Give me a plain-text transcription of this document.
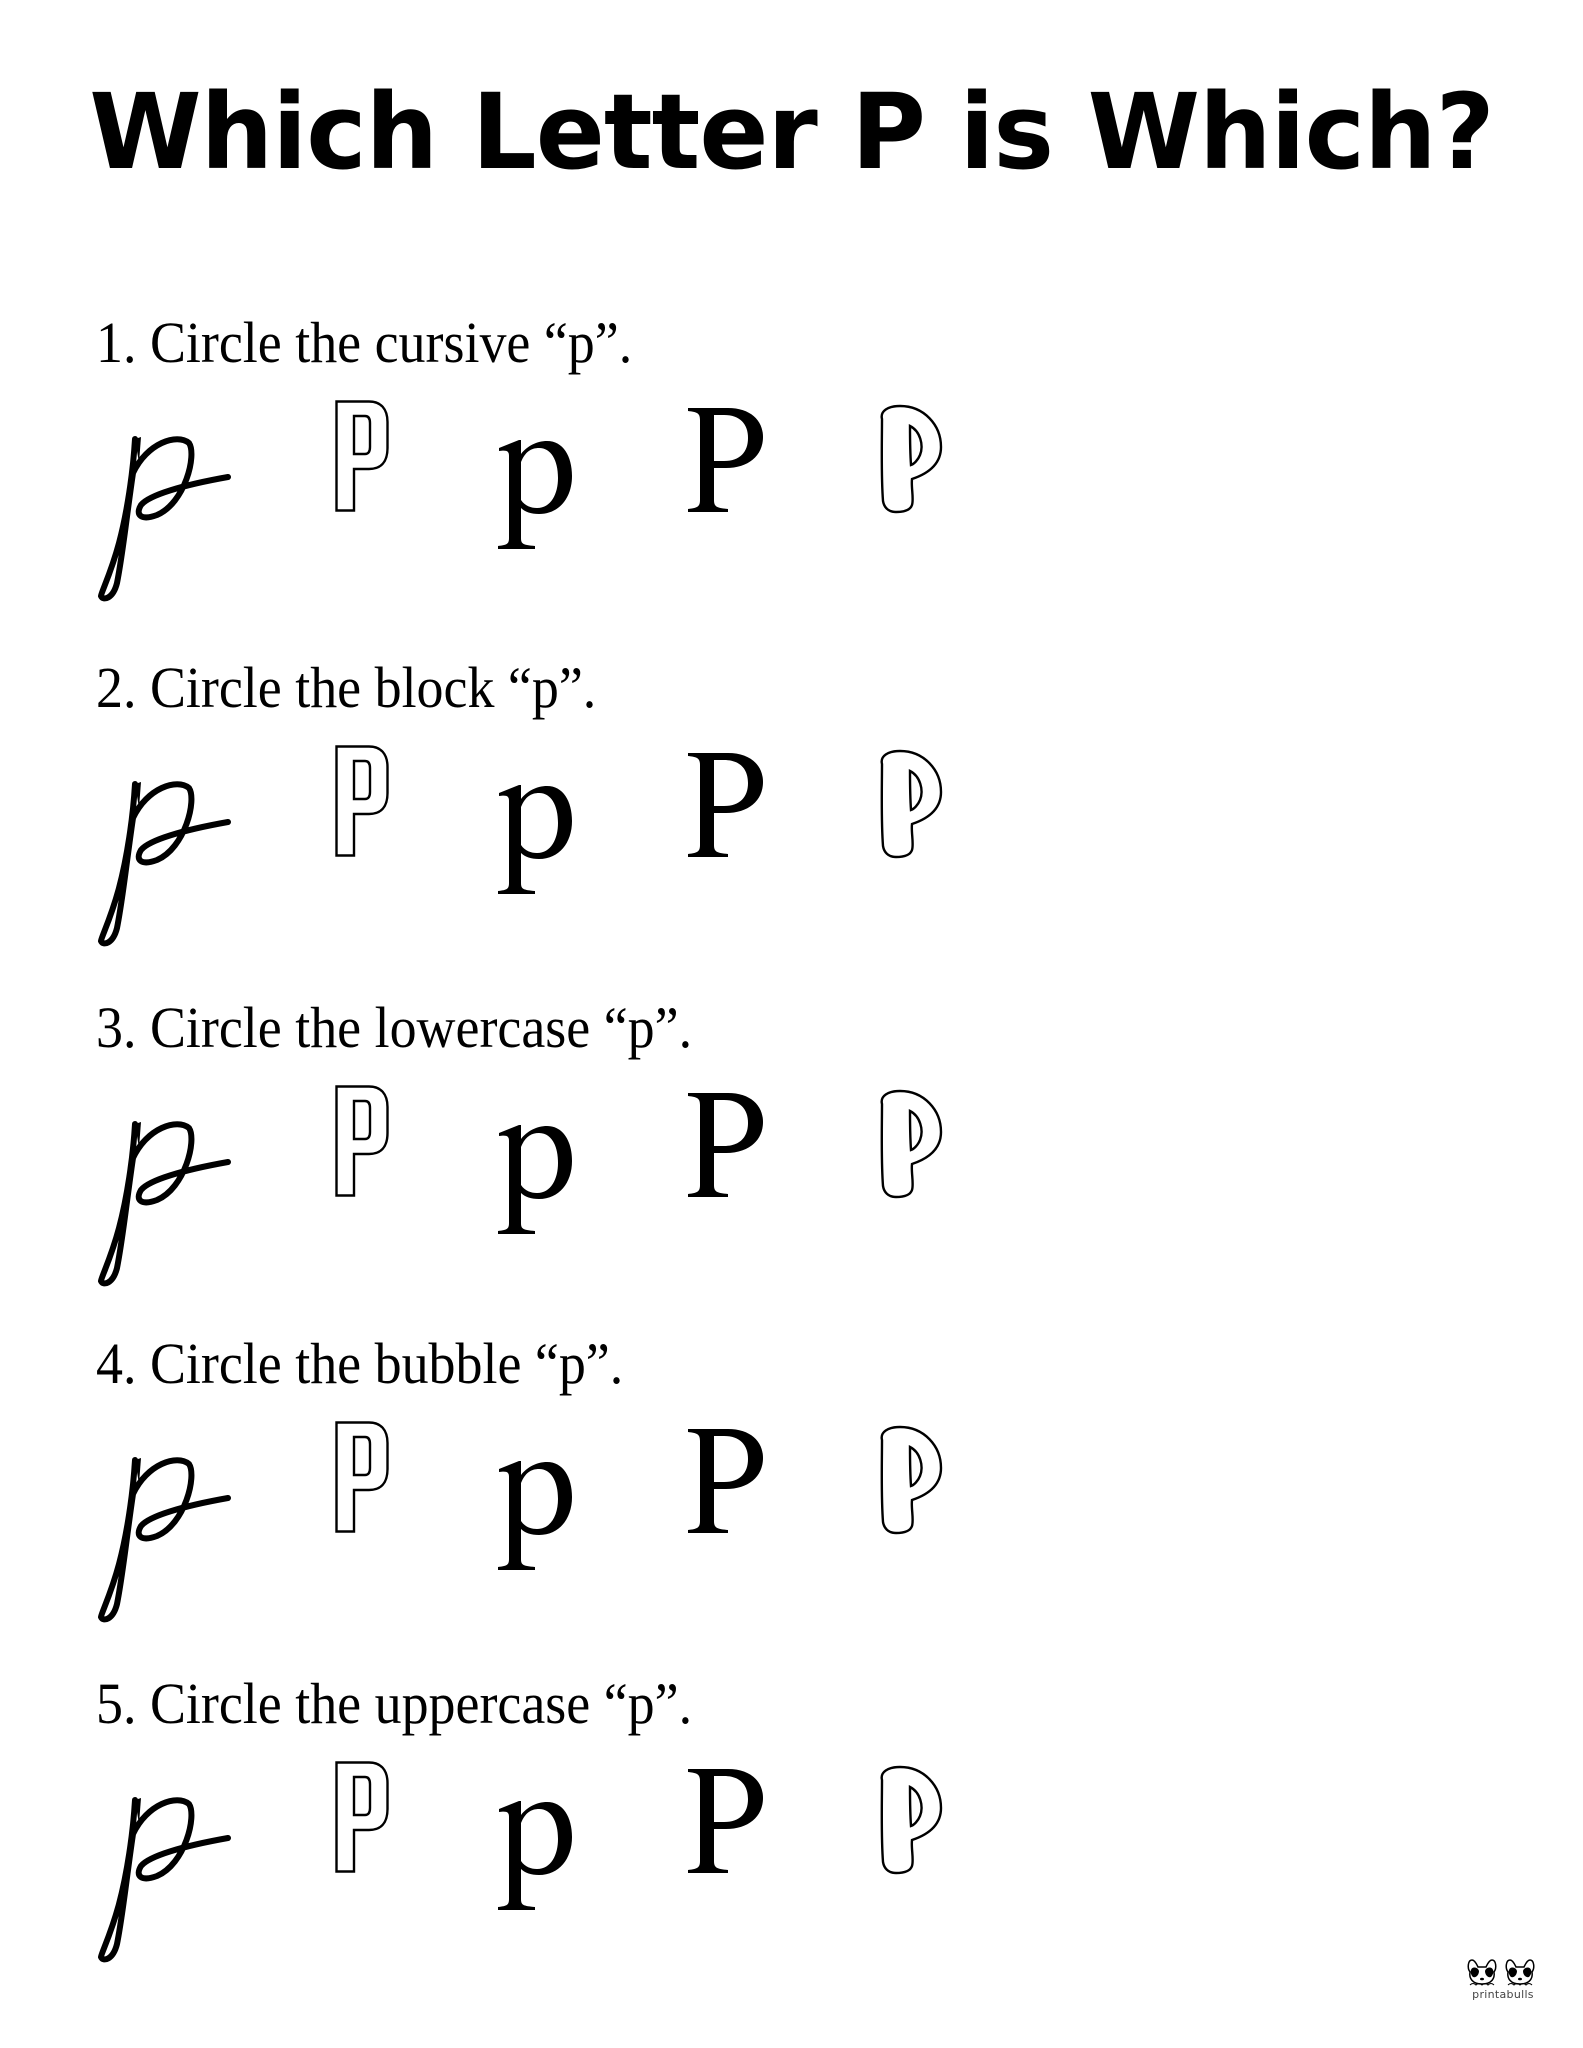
Which Letter P is Which?
1. Circle the cursive “p”.
2. Circle the block “p”.
3. Circle the lowercase “p”.
4. Circle the bubble “p”.
5. Circle the uppercase “p”.
printabulls
